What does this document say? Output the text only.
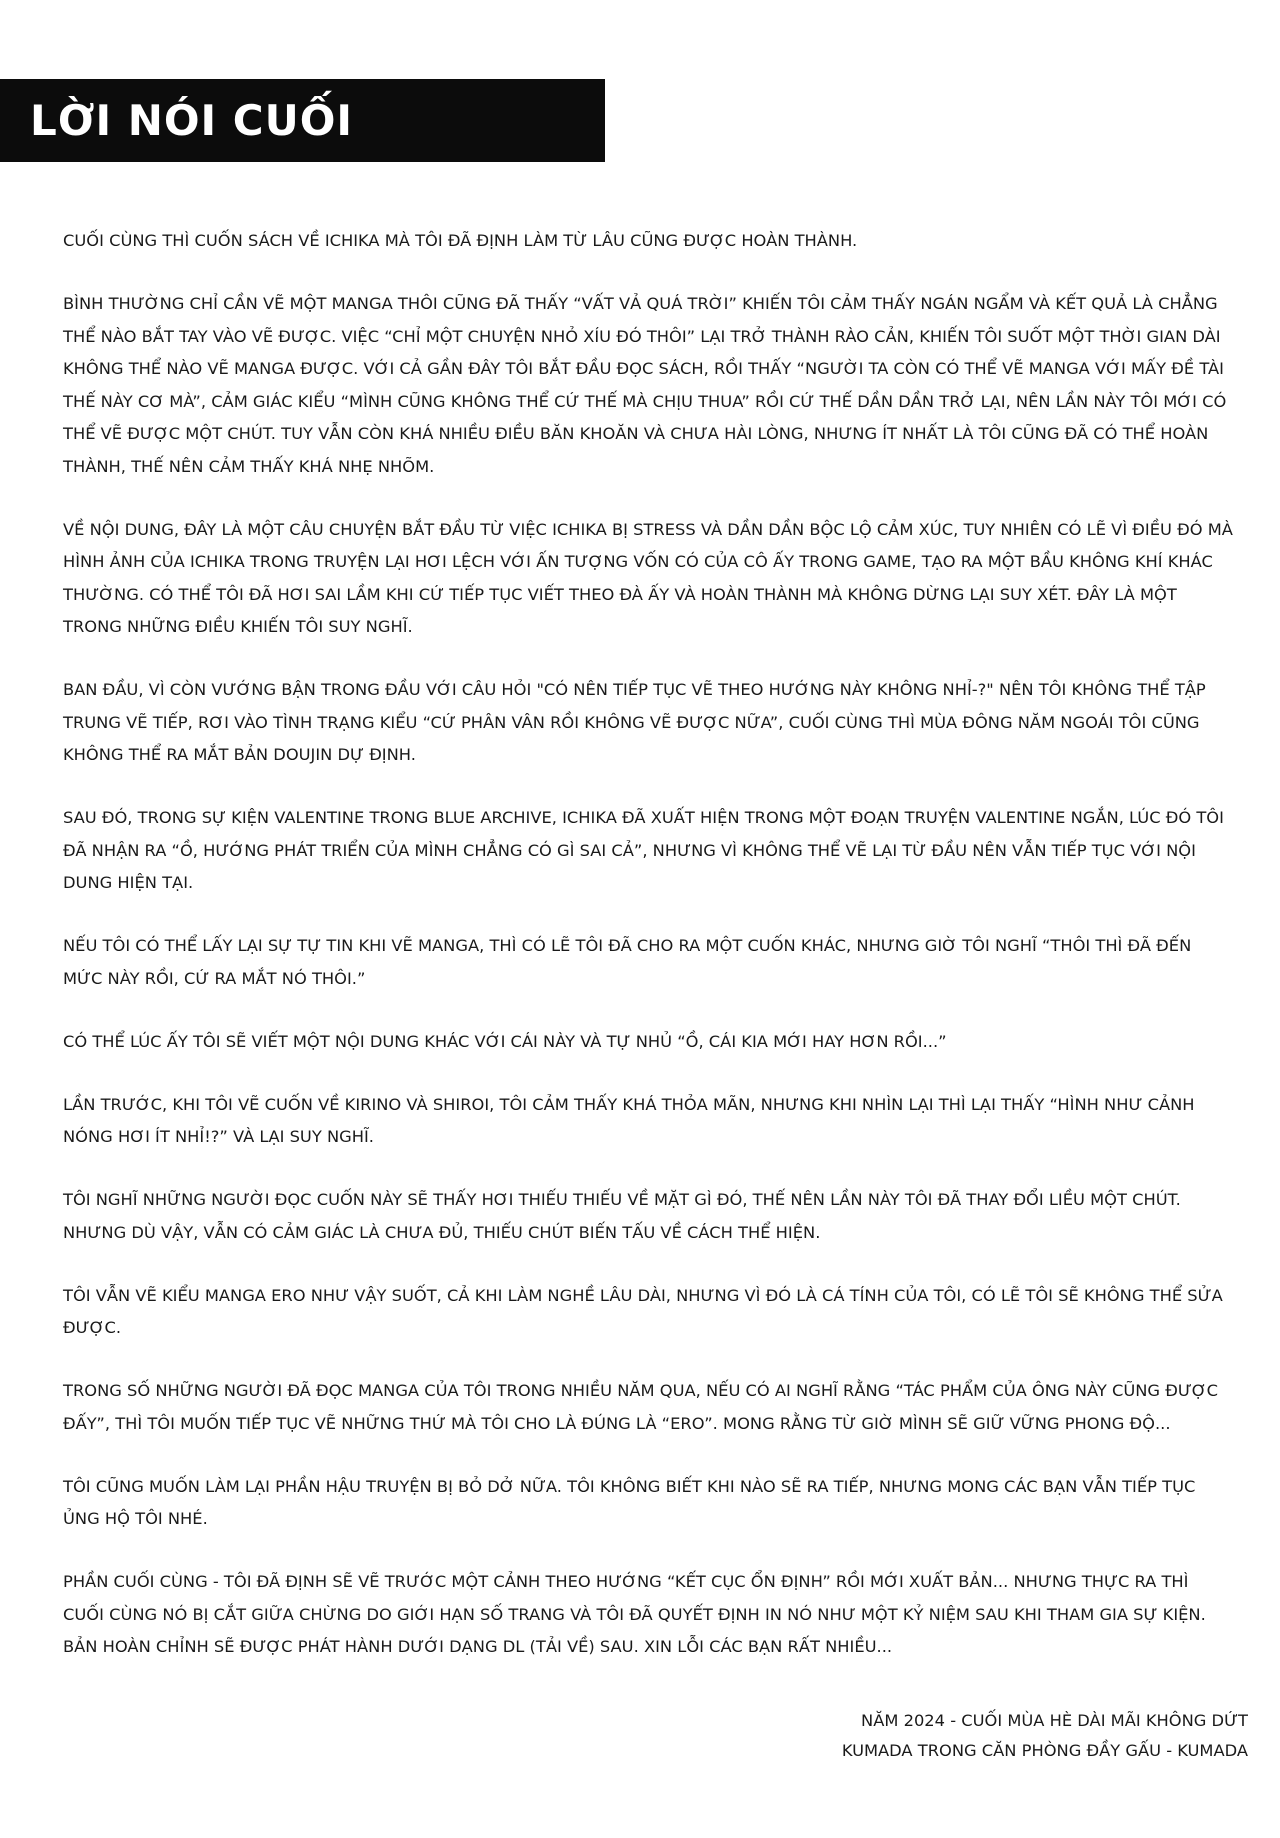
LỜI NÓI CUỐI

CUỐI CÙNG THÌ CUỐN SÁCH VỀ ICHIKA MÀ TÔI ĐÃ ĐỊNH LÀM TỪ LÂU CŨNG ĐƯỢC HOÀN THÀNH.

BÌNH THƯỜNG CHỈ CẦN VẼ MỘT MANGA THÔI CŨNG ĐÃ THẤY “VẤT VẢ QUÁ TRỜI” KHIẾN TÔI CẢM THẤY NGÁN NGẨM VÀ KẾT QUẢ LÀ CHẲNG THỂ NÀO BẮT TAY VÀO VẼ ĐƯỢC. VIỆC “CHỈ MỘT CHUYỆN NHỎ XÍU ĐÓ THÔI” LẠI TRỞ THÀNH RÀO CẢN, KHIẾN TÔI SUỐT MỘT THỜI GIAN DÀI KHÔNG THỂ NÀO VẼ MANGA ĐƯỢC. VỚI CẢ GẦN ĐÂY TÔI BẮT ĐẦU ĐỌC SÁCH, RỒI THẤY “NGƯỜI TA CÒN CÓ THỂ VẼ MANGA VỚI MẤY ĐỀ TÀI THẾ NÀY CƠ MÀ”, CẢM GIÁC KIỂU “MÌNH CŨNG KHÔNG THỂ CỨ THẾ MÀ CHỊU THUA” RỒI CỨ THẾ DẦN DẦN TRỞ LẠI, NÊN LẦN NÀY TÔI MỚI CÓ THỂ VẼ ĐƯỢC MỘT CHÚT. TUY VẪN CÒN KHÁ NHIỀU ĐIỀU BĂN KHOĂN VÀ CHƯA HÀI LÒNG, NHƯNG ÍT NHẤT LÀ TÔI CŨNG ĐÃ CÓ THỂ HOÀN THÀNH, THẾ NÊN CẢM THẤY KHÁ NHẸ NHÕM.

VỀ NỘI DUNG, ĐÂY LÀ MỘT CÂU CHUYỆN BẮT ĐẦU TỪ VIỆC ICHIKA BỊ STRESS VÀ DẦN DẦN BỘC LỘ CẢM XÚC, TUY NHIÊN CÓ LẼ VÌ ĐIỀU ĐÓ MÀ HÌNH ẢNH CỦA ICHIKA TRONG TRUYỆN LẠI HƠI LỆCH VỚI ẤN TƯỢNG VỐN CÓ CỦA CÔ ẤY TRONG GAME, TẠO RA MỘT BẦU KHÔNG KHÍ KHÁC THƯỜNG. CÓ THỂ TÔI ĐÃ HƠI SAI LẦM KHI CỨ TIẾP TỤC VIẾT THEO ĐÀ ẤY VÀ HOÀN THÀNH MÀ KHÔNG DỪNG LẠI SUY XÉT. ĐÂY LÀ MỘT TRONG NHỮNG ĐIỀU KHIẾN TÔI SUY NGHĨ.

BAN ĐẦU, VÌ CÒN VƯỚNG BẬN TRONG ĐẦU VỚI CÂU HỎI "CÓ NÊN TIẾP TỤC VẼ THEO HƯỚNG NÀY KHÔNG NHỈ-?" NÊN TÔI KHÔNG THỂ TẬP TRUNG VẼ TIẾP, RƠI VÀO TÌNH TRẠNG KIỂU “CỨ PHÂN VÂN RỒI KHÔNG VẼ ĐƯỢC NỮA”, CUỐI CÙNG THÌ MÙA ĐÔNG NĂM NGOÁI TÔI CŨNG KHÔNG THỂ RA MẮT BẢN DOUJIN DỰ ĐỊNH.

SAU ĐÓ, TRONG SỰ KIỆN VALENTINE TRONG BLUE ARCHIVE, ICHIKA ĐÃ XUẤT HIỆN TRONG MỘT ĐOẠN TRUYỆN VALENTINE NGẮN, LÚC ĐÓ TÔI ĐÃ NHẬN RA “Ồ, HƯỚNG PHÁT TRIỂN CỦA MÌNH CHẲNG CÓ GÌ SAI CẢ”, NHƯNG VÌ KHÔNG THỂ VẼ LẠI TỪ ĐẦU NÊN VẪN TIẾP TỤC VỚI NỘI DUNG HIỆN TẠI.

NẾU TÔI CÓ THỂ LẤY LẠI SỰ TỰ TIN KHI VẼ MANGA, THÌ CÓ LẼ TÔI ĐÃ CHO RA MỘT CUỐN KHÁC, NHƯNG GIỜ TÔI NGHĨ “THÔI THÌ ĐÃ ĐẾN MỨC NÀY RỒI, CỨ RA MẮT NÓ THÔI.”

CÓ THỂ LÚC ẤY TÔI SẼ VIẾT MỘT NỘI DUNG KHÁC VỚI CÁI NÀY VÀ TỰ NHỦ “Ồ, CÁI KIA MỚI HAY HƠN RỒI...”

LẦN TRƯỚC, KHI TÔI VẼ CUỐN VỀ KIRINO VÀ SHIROI, TÔI CẢM THẤY KHÁ THỎA MÃN, NHƯNG KHI NHÌN LẠI THÌ LẠI THẤY “HÌNH NHƯ CẢNH NÓNG HƠI ÍT NHỈ!?” VÀ LẠI SUY NGHĨ.

TÔI NGHĨ NHỮNG NGƯỜI ĐỌC CUỐN NÀY SẼ THẤY HƠI THIẾU THIẾU VỀ MẶT GÌ ĐÓ, THẾ NÊN LẦN NÀY TÔI ĐÃ THAY ĐỔI LIỀU MỘT CHÚT. NHƯNG DÙ VẬY, VẪN CÓ CẢM GIÁC LÀ CHƯA ĐỦ, THIẾU CHÚT BIẾN TẤU VỀ CÁCH THỂ HIỆN.

TÔI VẪN VẼ KIỂU MANGA ERO NHƯ VẬY SUỐT, CẢ KHI LÀM NGHỀ LÂU DÀI, NHƯNG VÌ ĐÓ LÀ CÁ TÍNH CỦA TÔI, CÓ LẼ TÔI SẼ KHÔNG THỂ SỬA ĐƯỢC.

TRONG SỐ NHỮNG NGƯỜI ĐÃ ĐỌC MANGA CỦA TÔI TRONG NHIỀU NĂM QUA, NẾU CÓ AI NGHĨ RẰNG “TÁC PHẨM CỦA ÔNG NÀY CŨNG ĐƯỢC ĐẤY”, THÌ TÔI MUỐN TIẾP TỤC VẼ NHỮNG THỨ MÀ TÔI CHO LÀ ĐÚNG LÀ “ERO”. MONG RẰNG TỪ GIỜ MÌNH SẼ GIỮ VỮNG PHONG ĐỘ...

TÔI CŨNG MUỐN LÀM LẠI PHẦN HẬU TRUYỆN BỊ BỎ DỞ NỮA. TÔI KHÔNG BIẾT KHI NÀO SẼ RA TIẾP, NHƯNG MONG CÁC BẠN VẪN TIẾP TỤC ỦNG HỘ TÔI NHÉ.

PHẦN CUỐI CÙNG - TÔI ĐÃ ĐỊNH SẼ VẼ TRƯỚC MỘT CẢNH THEO HƯỚNG “KẾT CỤC ỔN ĐỊNH” RỒI MỚI XUẤT BẢN... NHƯNG THỰC RA THÌ CUỐI CÙNG NÓ BỊ CẮT GIỮA CHỪNG DO GIỚI HẠN SỐ TRANG VÀ TÔI ĐÃ QUYẾT ĐỊNH IN NÓ NHƯ MỘT KỶ NIỆM SAU KHI THAM GIA SỰ KIỆN. BẢN HOÀN CHỈNH SẼ ĐƯỢC PHÁT HÀNH DƯỚI DẠNG DL (TẢI VỀ) SAU. XIN LỖI CÁC BẠN RẤT NHIỀU...

NĂM 2024 - CUỐI MÙA HÈ DÀI MÃI KHÔNG DỨT
KUMADA TRONG CĂN PHÒNG ĐẦY GẤU - KUMADA
